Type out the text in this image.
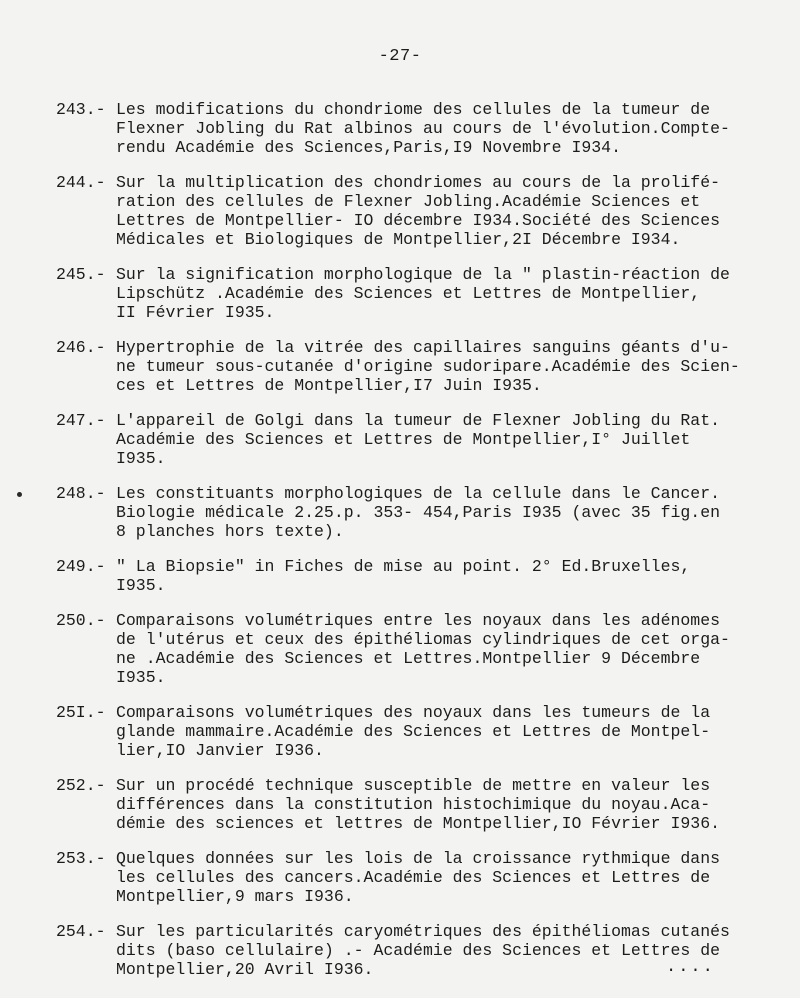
-27-
243.- Les modifications du chondriome des cellules de la tumeur de
Flexner Jobling du Rat albinos au cours de l'évolution.Compte-
rendu Académie des Sciences,Paris,I9 Novembre I934.
244.- Sur la multiplication des chondriomes au cours de la prolifé-
ration des cellules de Flexner Jobling.Académie Sciences et
Lettres de Montpellier- IO décembre I934.Société des Sciences
Médicales et Biologiques de Montpellier,2I Décembre I934.
245.- Sur la signification morphologique de la " plastin-réaction de
Lipschütz .Académie des Sciences et Lettres de Montpellier,
II Février I935.
246.- Hypertrophie de la vitrée des capillaires sanguins géants d'u-
ne tumeur sous-cutanée d'origine sudoripare.Académie des Scien-
ces et Lettres de Montpellier,I7 Juin I935.
247.- L'appareil de Golgi dans la tumeur de Flexner Jobling du Rat.
Académie des Sciences et Lettres de Montpellier,I° Juillet
I935.
248.- Les constituants morphologiques de la cellule dans le Cancer.
Biologie médicale 2.25.p. 353- 454,Paris I935 (avec 35 fig.en
8 planches hors texte).
249.- " La Biopsie" in Fiches de mise au point. 2° Ed.Bruxelles,
I935.
250.- Comparaisons volumétriques entre les noyaux dans les adénomes
de l'utérus et ceux des épithéliomas cylindriques de cet orga-
ne .Académie des Sciences et Lettres.Montpellier 9 Décembre
I935.
25I.- Comparaisons volumétriques des noyaux dans les tumeurs de la
glande mammaire.Académie des Sciences et Lettres de Montpel-
lier,IO Janvier I936.
252.- Sur un procédé technique susceptible de mettre en valeur les
différences dans la constitution histochimique du noyau.Aca-
démie des sciences et lettres de Montpellier,IO Février I936.
253.- Quelques données sur les lois de la croissance rythmique dans
les cellules des cancers.Académie des Sciences et Lettres de
Montpellier,9 mars I936.
254.- Sur les particularités caryométriques des épithéliomas cutanés
dits (baso cellulaire) .- Académie des Sciences et Lettres de
Montpellier,20 Avril I936.	....
